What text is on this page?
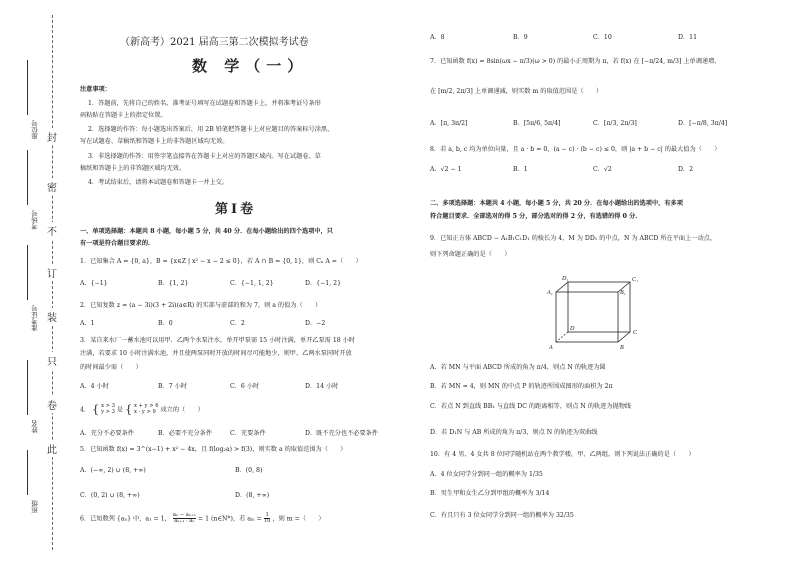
封
密
不
订
装
只
卷
此
座位号
考场号
准考证号
姓名
班级
（新高考）2021 届高三第二次模拟考试卷
数 学（一）
注意事项：
1．答题前，先将自己的姓名、准考证号填写在试题卷和答题卡上，并将准考证号条形
码粘贴在答题卡上的指定位置。
2．选择题的作答：每小题选出答案后，用 2B 铅笔把答题卡上对应题目的答案标号涂黑，
写在试题卷、草稿纸和答题卡上的非答题区域均无效。
3．非选择题的作答：用签字笔直接答在答题卡上对应的答题区域内。写在试题卷、草
稿纸和答题卡上的非答题区域均无效。
4．考试结束后，请将本试题卷和答题卡一并上交。
第Ⅰ卷
一、单项选择题：本题共 8 小题，每小题 5 分，共 40 分．在每小题给出的四个选项中，只
有一项是符合题目要求的．
1．已知集合 A = {0, a}，B = {x∈Z | x² − x − 2 ≤ 0}，若 A ∩ B = {0, 1}，则 Cₐ A =（　　）
A．{−1}	B．{1, 2}	C．{−1, 1, 2}	D．{−1, 2}
2．已知复数 z = (a − 3i)(3 + 2i)(a∈R) 的实部与虚部的和为 7，则 a 的值为（　　）
A．1	B．0	C．2	D．−2
3．某自来水厂一蓄水池可以用甲、乙两个水泵注水，单开甲泵需 15 小时注满，单开乙泵需 18 小时
注满，若要求 10 小时注满水池，并且使两泵同时开放的时间尽可能地少，则甲、乙两水泵同时开放
的时间最少需（　　）
A．4 小时	B．7 小时	C．6 小时	D．14 小时
4． { x > 3
y > 3 是 { x + y > 6
x · y > 9 成立的（　　）
A．充分不必要条件	B．必要不充分条件	C．充要条件	D．既不充分也不必要条件
5．已知函数 f(x) = 3^(x−1) + x² − 4x，且 f(log₂a) > f(3)，则实数 a 的取值范围为（　　）
A．(−∞, 2) ∪ (8, +∞)	B．(0, 8)
C．(0, 2) ∪ (8, +∞)	D．(8, +∞)
6．已知数列 {aₙ} 中，a₁ = 1， $\frac{\text{aₙ − aₙ₊₁}}{\text{aₙ₊₁ · aₙ}} = 1$ (n∈N*)，若 $a_m = \frac{1}{10}$ ，则 m =（　　）
A．8	B．9	C．10	D．11
7．已知函数 f(x) = 8sin(ωx − π/3)(ω > 0) 的最小正周期为 π，若 f(x) 在 [−π/24, m/3] 上单调递增，
在 [m/2, 2π/3] 上单调递减，则实数 m 的取值范围是（　　）
A．[π, 3π/2]	B．[5π/6, 5π/4]	C．[π/3, 2π/3]	D．[−π/8, 3π/4]
8．若 a, b, c 均为单位向量，且 a · b = 0，(a − c) · (b − c) ≤ 0，则 |a + b − c| 的最大值为（　　）
A．√2 − 1	B．1	C．√2	D．2
二、多项选择题：本题共 4 小题，每小题 5 分，共 20 分．在每小题给出的选项中，有多项
符合题目要求．全部选对的得 5 分，部分选对的得 2 分，有选错的得 0 分．
9．已知正方体 ABCD − A₁B₁C₁D₁ 的棱长为 4，M 为 DD₁ 的中点，N 为 ABCD 所在平面上一动点，
则下列命题正确的是（　　）
D₁	C₁
A₁	B₁
D
C
A	B
A．若 MN 与平面 ABCD 所成的角为 π/4，则点 N 的轨迹为圆
B．若 MN = 4，则 MN 的中点 P 的轨迹所围成图形的面积为 2π
C．若点 N 到直线 BB₁ 与直线 DC 的距离相等，则点 N 的轨迹为抛物线
D．若 D₁N 与 AB 所成的角为 π/3，则点 N 的轨迹为双曲线
10．有 4 男、4 女共 8 位同学随机站在两个教学楼，甲、乙两组，则下列说法正确的是（　　）
A．4 位女同学分到同一组的概率为 1/35
B．男生甲和女生乙分到甲组的概率为 3/14
C．有且只有 3 位女同学分到同一组的概率为 32/35
